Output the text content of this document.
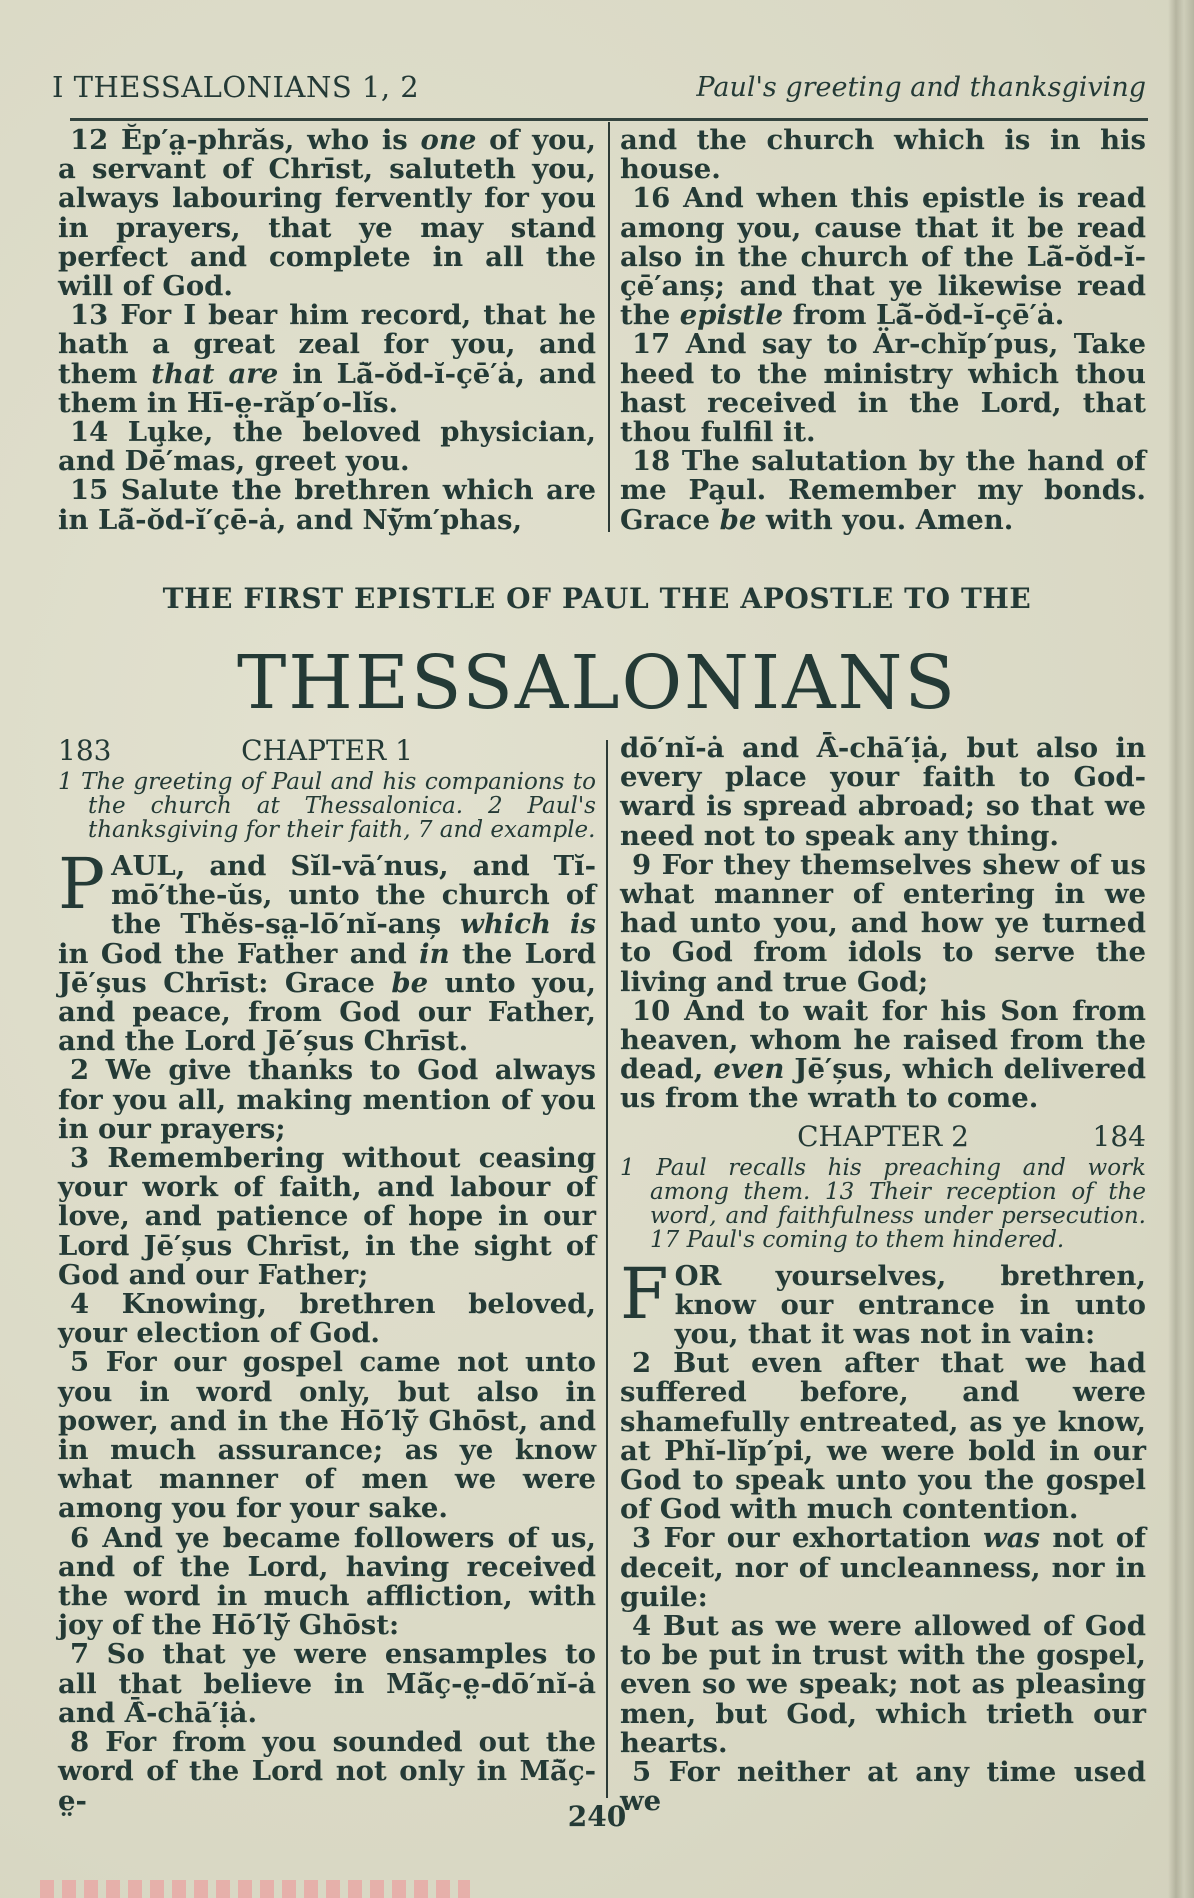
I THESSALONIANS 1, 2	Paul's greeting and thanksgiving

12 Ĕp′a̤-phrăs, who is one of you, a servant of Chrīst, saluteth you, always labouring fervently for you in prayers, that ye may stand perfect and complete in all the will of God.

13 For I bear him record, that he hath a great zeal for you, and them that are in Lā̆-ŏd-ĭ-çē′ȧ, and them in Hī-e̤-răp′o-lĭs.

14 Lu̧ke, the beloved physician, and Dē′mas, greet you.

15 Salute the brethren which are in Lā̆-ŏd-ĭ′çē-ȧ, and Nȳ̆m′phas,

and the church which is in his house.

16 And when this epistle is read among you, cause that it be read also in the church of the Lā̆-ŏd-ĭ-çē′anș; and that ye likewise read the epistle from Lā̆-ŏd-ĭ-çē′ȧ.

17 And say to Är-chĭp′pus, Take heed to the ministry which thou hast received in the Lord, that thou fulfil it.

18 The salutation by the hand of me Pa̧ul. Remember my bonds. Grace be with you. Amen.

THE FIRST EPISTLE OF PAUL THE APOSTLE TO THE
THESSALONIANS
183	CHAPTER 1

1 The greeting of Paul and his companions to the church at Thessalonica. 2 Paul's thanksgiving for their faith, 7 and example.

PAUL, and Sĭl-vā′nus, and Tĭ-mō′the-ŭs, unto the church of the Thĕs-sa̤-lō′nĭ-anș which is in God the Father and in the Lord Jē′șus Chrīst: Grace be unto you, and peace, from God our Father, and the Lord Jē′șus Chrīst.

2 We give thanks to God always for you all, making mention of you in our prayers;

3 Remembering without ceasing your work of faith, and labour of love, and patience of hope in our Lord Jē′șus Chrīst, in the sight of God and our Father;

4 Knowing, brethren beloved, your election of God.

5 For our gospel came not unto you in word only, but also in power, and in the Hō′lȳ̆ Ghōst, and in much assurance; as ye know what manner of men we were among you for your sake.

6 And ye became followers of us, and of the Lord, having received the word in much affliction, with joy of the Hō′lȳ̆ Ghōst:

7 So that ye were ensamples to all that believe in Mā̆ç-e̤-dō′nĭ-ȧ and Ā̂-chā′ịȧ.

8 For from you sounded out the word of the Lord not only in Mā̆ç-e̤-

dō′nĭ-ȧ and Ā̂-chā′ịȧ, but also in every place your faith to God-ward is spread abroad; so that we need not to speak any thing.

9 For they themselves shew of us what manner of entering in we had unto you, and how ye turned to God from idols to serve the living and true God;

10 And to wait for his Son from heaven, whom he raised from the dead, even Jē′șus, which delivered us from the wrath to come.

CHAPTER 2	184

1 Paul recalls his preaching and work among them. 13 Their reception of the word, and faithfulness under persecution. 17 Paul's coming to them hindered.

FOR yourselves, brethren, know our entrance in unto you, that it was not in vain:

2 But even after that we had suffered before, and were shamefully entreated, as ye know, at Phĭ-lĭp′pi, we were bold in our God to speak unto you the gospel of God with much contention.

3 For our exhortation was not of deceit, nor of uncleanness, nor in guile:

4 But as we were allowed of God to be put in trust with the gospel, even so we speak; not as pleasing men, but God, which trieth our hearts.

5 For neither at any time used we

240
